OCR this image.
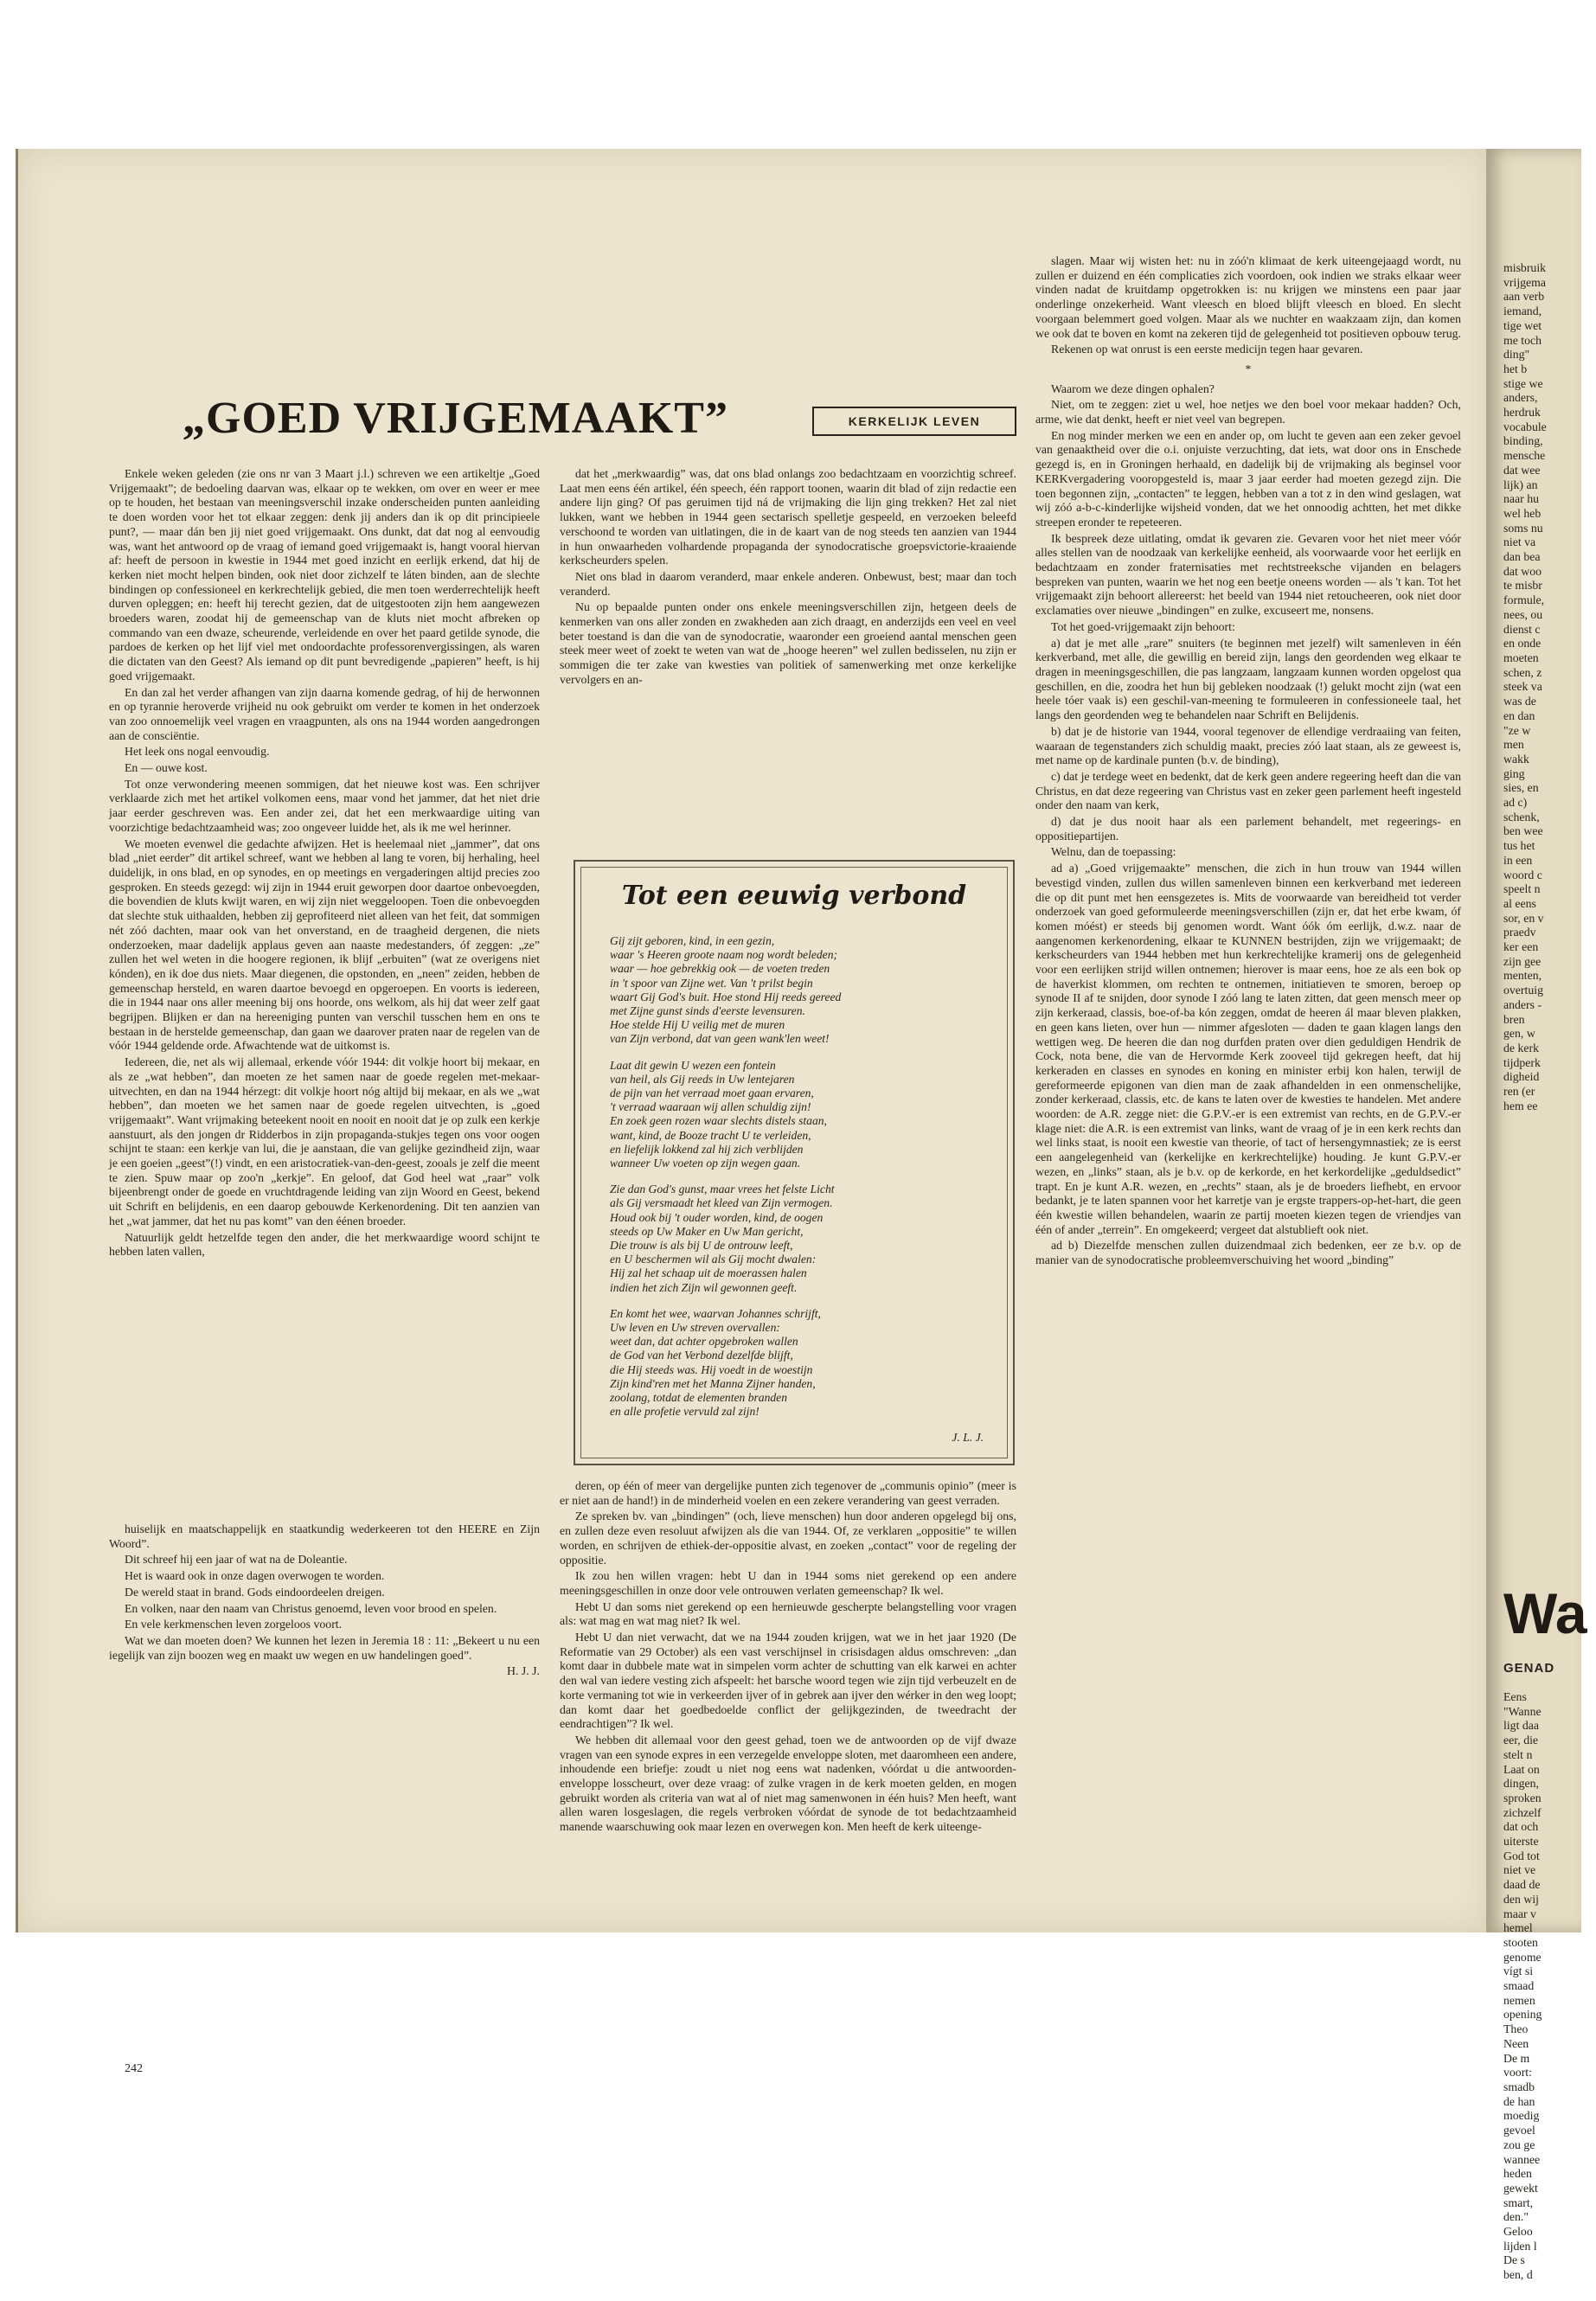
„GOED VRIJGEMAAKT”	KERKELIJK LEVEN

Enkele weken geleden (zie ons nr van 3 Maart j.l.) schreven we een artikeltje „Goed Vrijgemaakt”; de bedoeling daarvan was, elkaar op te wekken, om over en weer er mee op te houden, het bestaan van meeningsverschil inzake onderscheiden punten aanleiding te doen worden voor het tot elkaar zeggen: denk jij anders dan ik op dit principieele punt?, — maar dán ben jij niet goed vrijgemaakt. Ons dunkt, dat dat nog al eenvoudig was, want het antwoord op de vraag of iemand goed vrijgemaakt is, hangt vooral hiervan af: heeft de persoon in kwestie in 1944 met goed inzicht en eerlijk erkend, dat hij de kerken niet mocht helpen binden, ook niet door zichzelf te láten binden, aan de slechte bindingen op confessioneel en kerkrechtelijk gebied, die men toen werderrechtelijk heeft durven opleggen; en: heeft hij terecht gezien, dat de uitgestooten zijn hem aangewezen broeders waren, zoodat hij de gemeenschap van de kluts niet mocht afbreken op commando van een dwaze, scheurende, verleidende en over het paard getilde synode, die pardoes de kerken op het lijf viel met ondoordachte professorenvergissingen, als waren die dictaten van den Geest? Als iemand op dit punt bevredigende „papieren” heeft, is hij goed vrijgemaakt.

En dan zal het verder afhangen van zijn daarna komende gedrag, of hij de herwonnen en op tyrannie heroverde vrijheid nu ook gebruikt om verder te komen in het onderzoek van zoo onnoemelijk veel vragen en vraagpunten, als ons na 1944 worden aangedrongen aan de consciëntie.

Het leek ons nogal eenvoudig.

En — ouwe kost.

Tot onze verwondering meenen sommigen, dat het nieuwe kost was. Een schrijver verklaarde zich met het artikel volkomen eens, maar vond het jammer, dat het niet drie jaar eerder geschreven was. Een ander zei, dat het een merkwaardige uiting van voorzichtige bedachtzaamheid was; zoo ongeveer luidde het, als ik me wel herinner.

We moeten evenwel die gedachte afwijzen. Het is heelemaal niet „jammer”, dat ons blad „niet eerder” dit artikel schreef, want we hebben al lang te voren, bij herhaling, heel duidelijk, in ons blad, en op synodes, en op meetings en vergaderingen altijd precies zoo gesproken. En steeds gezegd: wij zijn in 1944 eruit geworpen door daartoe onbevoegden, die bovendien de kluts kwijt waren, en wij zijn niet weggeloopen. Toen die onbevoegden dat slechte stuk uithaalden, hebben zij geprofiteerd niet alleen van het feit, dat sommigen nét zóó dachten, maar ook van het onverstand, en de traagheid dergenen, die niets onderzoeken, maar dadelijk applaus geven aan naaste medestanders, óf zeggen: „ze” zullen het wel weten in die hoogere regionen, ik blijf „erbuiten” (wat ze overigens niet kónden), en ik doe dus niets. Maar diegenen, die opstonden, en „neen” zeiden, hebben de gemeenschap hersteld, en waren daartoe bevoegd en opgeroepen. En voorts is iedereen, die in 1944 naar ons aller meening bij ons hoorde, ons welkom, als hij dat weer zelf gaat begrijpen. Blijken er dan na hereeniging punten van verschil tusschen hem en ons te bestaan in de herstelde gemeenschap, dan gaan we daarover praten naar de regelen van de vóór 1944 geldende orde. Afwachtende wat de uitkomst is.

Iedereen, die, net als wij allemaal, erkende vóór 1944: dit volkje hoort bij mekaar, en als ze „wat hebben”, dan moeten ze het samen naar de goede regelen met-mekaar-uitvechten, en dan na 1944 hérzegt: dit volkje hoort nóg altijd bij mekaar, en als we „wat hebben”, dan moeten we het samen naar de goede regelen uitvechten, is „goed vrijgemaakt”. Want vrijmaking beteekent nooit en nooit en nooit dat je op zulk een kerkje aanstuurt, als den jongen dr Ridderbos in zijn propaganda-stukjes tegen ons voor oogen schijnt te staan: een kerkje van lui, die je aanstaan, die van gelijke gezindheid zijn, waar je een goeien „geest”(!) vindt, en een aristocratiek-van-den-geest, zooals je zelf die meent te zien. Spuw maar op zoo'n „kerkje”. En geloof, dat God heel wat „raar” volk bijeenbrengt onder de goede en vruchtdragende leiding van zijn Woord en Geest, bekend uit Schrift en belijdenis, en een daarop gebouwde Kerkenordening. Dit ten aanzien van het „wat jammer, dat het nu pas komt” van den éénen broeder.

Natuurlijk geldt hetzelfde tegen den ander, die het merkwaardige woord schijnt te hebben laten vallen,

huiselijk en maatschappelijk en staatkundig wederkeeren tot den HEERE en Zijn Woord”.

Dit schreef hij een jaar of wat na de Doleantie.

Het is waard ook in onze dagen overwogen te worden.

De wereld staat in brand. Gods eindoordeelen dreigen.

En volken, naar den naam van Christus genoemd, leven voor brood en spelen.

En vele kerkmenschen leven zorgeloos voort.

Wat we dan moeten doen? We kunnen het lezen in Jeremia 18 : 11: „Bekeert u nu een iegelijk van zijn boozen weg en maakt uw wegen en uw handelingen goed”.

H. J. J.

dat het „merkwaardig” was, dat ons blad onlangs zoo bedachtzaam en voorzichtig schreef. Laat men eens één artikel, één speech, één rapport toonen, waarin dit blad of zijn redactie een andere lijn ging? Of pas geruimen tijd ná de vrijmaking die lijn ging trekken? Het zal niet lukken, want we hebben in 1944 geen sectarisch spelletje gespeeld, en verzoeken beleefd verschoond te worden van uitlatingen, die in de kaart van de nog steeds ten aanzien van 1944 in hun onwaarheden volhardende propaganda der synodocratische groepsvictorie-kraaiende kerkscheurders spelen.

Niet ons blad in daarom veranderd, maar enkele anderen. Onbewust, best; maar dan toch veranderd.

Nu op bepaalde punten onder ons enkele meeningsverschillen zijn, hetgeen deels de kenmerken van ons aller zonden en zwakheden aan zich draagt, en anderzijds een veel en veel beter toestand is dan die van de synodocratie, waaronder een groeiend aantal menschen geen steek meer weet of zoekt te weten van wat de „hooge heeren” wel zullen bedisselen, nu zijn er sommigen die ter zake van kwesties van politiek of samenwerking met onze kerkelijke vervolgers en an-

Tot een eeuwig verbond
Gij zijt geboren, kind, in een gezin,
waar 's Heeren groote naam nog wordt beleden;
waar — hoe gebrekkig ook — de voeten treden
in 't spoor van Zijne wet. Van 't prilst begin
waart Gij God's buit. Hoe stond Hij reeds gereed
met Zijne gunst sinds d'eerste levensuren.
Hoe stelde Hij U veilig met de muren
van Zijn verbond, dat van geen wank'len weet!
Laat dit gewin U wezen een fontein
van heil, als Gij reeds in Uw lentejaren
de pijn van het verraad moet gaan ervaren,
't verraad waaraan wij allen schuldig zijn!
En zoek geen rozen waar slechts distels staan,
want, kind, de Booze tracht U te verleiden,
en liefelijk lokkend zal hij zich verblijden
wanneer Uw voeten op zijn wegen gaan.
Zie dan God's gunst, maar vrees het felste Licht
als Gij versmaadt het kleed van Zijn vermogen.
Houd ook bij 't ouder worden, kind, de oogen
steeds op Uw Maker en Uw Man gericht,
Die trouw is als bij U de ontrouw leeft,
en U beschermen wil als Gij mocht dwalen:
Hij zal het schaap uit de moerassen halen
indien het zich Zijn wil gewonnen geeft.
En komt het wee, waarvan Johannes schrijft,
Uw leven en Uw streven overvallen:
weet dan, dat achter opgebroken wallen
de God van het Verbond dezelfde blijft,
die Hij steeds was. Hij voedt in de woestijn
Zijn kind'ren met het Manna Zijner handen,
zoolang, totdat de elementen branden
en alle profetie vervuld zal zijn!
J. L. J.

deren, op één of meer van dergelijke punten zich tegenover de „communis opinio” (meer is er niet aan de hand!) in de minderheid voelen en een zekere verandering van geest verraden.

Ze spreken bv. van „bindingen” (och, lieve menschen) hun door anderen opgelegd bij ons, en zullen deze even resoluut afwijzen als die van 1944. Of, ze verklaren „oppositie” te willen worden, en schrijven de ethiek-der-oppositie alvast, en zoeken „contact” voor de regeling der oppositie.

Ik zou hen willen vragen: hebt U dan in 1944 soms niet gerekend op een andere meeningsgeschillen in onze door vele ontrouwen verlaten gemeenschap? Ik wel.

Hebt U dan soms niet gerekend op een hernieuwde gescherpte belangstelling voor vragen als: wat mag en wat mag niet? Ik wel.

Hebt U dan niet verwacht, dat we na 1944 zouden krijgen, wat we in het jaar 1920 (De Reformatie van 29 October) als een vast verschijnsel in crisisdagen aldus omschreven: „dan komt daar in dubbele mate wat in simpelen vorm achter de schutting van elk karwei en achter den wal van iedere vesting zich afspeelt: het barsche woord tegen wie zijn tijd verbeuzelt en de korte vermaning tot wie in verkeerden ijver of in gebrek aan ijver den wérker in den weg loopt; dan komt daar het goedbedoelde conflict der gelijkgezinden, de tweedracht der eendrachtigen”? Ik wel.

We hebben dit allemaal voor den geest gehad, toen we de antwoorden op de vijf dwaze vragen van een synode expres in een verzegelde enveloppe sloten, met daaromheen een andere, inhoudende een briefje: zoudt u niet nog eens wat nadenken, vóórdat u die antwoorden-enveloppe losscheurt, over deze vraag: of zulke vragen in de kerk moeten gelden, en mogen gebruikt worden als criteria van wat al of niet mag samenwonen in één huis? Men heeft, want allen waren losgeslagen, die regels verbroken vóórdat de synode de tot bedachtzaamheid manende waarschuwing ook maar lezen en overwegen kon. Men heeft de kerk uiteenge-

slagen. Maar wij wisten het: nu in zóó'n klimaat de kerk uiteengejaagd wordt, nu zullen er duizend en één complicaties zich voordoen, ook indien we straks elkaar weer vinden nadat de kruitdamp opgetrokken is: nu krijgen we minstens een paar jaar onderlinge onzekerheid. Want vleesch en bloed blijft vleesch en bloed. En slecht voorgaan belemmert goed volgen. Maar als we nuchter en waakzaam zijn, dan komen we ook dat te boven en komt na zekeren tijd de gelegenheid tot positieven opbouw terug.

Rekenen op wat onrust is een eerste medicijn tegen haar gevaren.

*

Waarom we deze dingen ophalen?

Niet, om te zeggen: ziet u wel, hoe netjes we den boel voor mekaar hadden? Och, arme, wie dat denkt, heeft er niet veel van begrepen.

En nog minder merken we een en ander op, om lucht te geven aan een zeker gevoel van genaaktheid over die o.i. onjuiste verzuchting, dat iets, wat door ons in Enschede gezegd is, en in Groningen herhaald, en dadelijk bij de vrijmaking als beginsel voor KERKvergadering vooropgesteld is, maar 3 jaar eerder had moeten gezegd zijn. Die toen begonnen zijn, „contacten” te leggen, hebben van a tot z in den wind geslagen, wat wij zóó a-b-c-kinderlijke wijsheid vonden, dat we het onnoodig achtten, het met dikke streepen eronder te repeteeren.

Ik bespreek deze uitlating, omdat ik gevaren zie. Gevaren voor het niet meer vóór alles stellen van de noodzaak van kerkelijke eenheid, als voorwaarde voor het eerlijk en bedachtzaam en zonder fraternisaties met rechtstreeksche vijanden en belagers bespreken van punten, waarin we het nog een beetje oneens worden — als 't kan. Tot het vrijgemaakt zijn behoort allereerst: het beeld van 1944 niet retoucheeren, ook niet door exclamaties over nieuwe „bindingen” en zulke, excuseert me, nonsens.

Tot het goed-vrijgemaakt zijn behoort:

a) dat je met alle „rare” snuiters (te beginnen met jezelf) wilt samenleven in één kerkverband, met alle, die gewillig en bereid zijn, langs den geordenden weg elkaar te dragen in meeningsgeschillen, die pas langzaam, langzaam kunnen worden opgelost qua geschillen, en die, zoodra het hun bij gebleken noodzaak (!) gelukt mocht zijn (wat een heele tóer vaak is) een geschil-van-meening te formuleeren in confessioneele taal, het langs den geordenden weg te behandelen naar Schrift en Belijdenis.

b) dat je de historie van 1944, vooral tegenover de ellendige verdraaiing van feiten, waaraan de tegenstanders zich schuldig maakt, precies zóó laat staan, als ze geweest is, met name op de kardinale punten (b.v. de binding),

c) dat je terdege weet en bedenkt, dat de kerk geen andere regeering heeft dan die van Christus, en dat deze regeering van Christus vast en zeker geen parlement heeft ingesteld onder den naam van kerk,

d) dat je dus nooit haar als een parlement behandelt, met regeerings- en oppositiepartijen.

Welnu, dan de toepassing:

ad a) „Goed vrijgemaakte” menschen, die zich in hun trouw van 1944 willen bevestigd vinden, zullen dus willen samenleven binnen een kerkverband met iedereen die op dit punt met hen eensgezetes is. Mits de voorwaarde van bereidheid tot verder onderzoek van goed geformuleerde meeningsverschillen (zijn er, dat het erbe kwam, óf komen móést) er steeds bij genomen wordt. Want óók óm eerlijk, d.w.z. naar de aangenomen kerkenordening, elkaar te KUNNEN bestrijden, zijn we vrijgemaakt; de kerkscheurders van 1944 hebben met hun kerkrechtelijke kramerij ons de gelegenheid voor een eerlijken strijd willen ontnemen; hierover is maar eens, hoe ze als een bok op de haverkist klommen, om rechten te ontnemen, initiatieven te smoren, beroep op synode II af te snijden, door synode I zóó lang te laten zitten, dat geen mensch meer op zijn kerkeraad, classis, boe-of-ba kón zeggen, omdat de heeren ál maar bleven plakken, en geen kans lieten, over hun — nimmer afgesloten — daden te gaan klagen langs den wettigen weg. De heeren die dan nog durfden praten over dien geduldigen Hendrik de Cock, nota bene, die van de Hervormde Kerk zooveel tijd gekregen heeft, dat hij kerkeraden en classes en synodes en koning en minister erbij kon halen, terwijl de gereformeerde epigonen van dien man de zaak afhandelden in een onmenschelijke, zonder kerkeraad, classis, etc. de kans te laten over de kwesties te handelen. Met andere woorden: de A.R. zegge niet: die G.P.V.-er is een extremist van rechts, en de G.P.V.-er klage niet: die A.R. is een extremist van links, want de vraag of je in een kerk rechts dan wel links staat, is nooit een kwestie van theorie, of tact of hersengymnastiek; ze is eerst een aangelegenheid van (kerkelijke en kerkrechtelijke) houding. Je kunt G.P.V.-er wezen, en „links” staan, als je b.v. op de kerkorde, en het kerkordelijke „geduldsedict” trapt. En je kunt A.R. wezen, en „rechts” staan, als je de broeders liefhebt, en ervoor bedankt, je te laten spannen voor het karretje van je ergste trappers-op-het-hart, die geen één kwestie willen behandelen, waarin ze partij moeten kiezen tegen de vriendjes van één of ander „terrein”. En omgekeerd; vergeet dat alstublieft ook niet.

ad b) Diezelfde menschen zullen duizendmaal zich bedenken, eer ze b.v. op de manier van de synodocratische probleemverschuiving het woord „binding”

242
misbruik
vrijgema
aan verb
iemand,
tige wet
me toch
ding"
het b
stige we
anders,
herdruk
vocabule
binding,
mensche
dat wee
lijk) an
naar hu
wel heb
soms nu
niet va
dan bea
dat woo
te misbr
formule,
nees, ou
dienst c
en onde
moeten
schen, z
steek va
was de
en dan
"ze w
men
wakk
ging
sies, en
ad c)
schenk,
ben wee
tus het
in een
woord c
speelt n
al eens
sor, en v
praedv
ker een
zijn gee
menten,
overtuig
anders -
bren
gen, w
de kerk
tijdperk
digheid
ren (er
hem ee
Wa
GENAD
Eens
"Wanne
ligt daa
eer, die
stelt n
Laat on
dingen,
sproken
zichzelf
dat och
uiterste
God tot
niet ve
daad de
den wij
maar v
hemel
stooten
genome
vígt si
smaad
nemen
opening
Theo
Neen
De m
voort:
smadb
de han
moedig
gevoel
zou ge
wannee
heden
gewekt
smart,
den."
Geloo
lijden l
De s
ben, d
